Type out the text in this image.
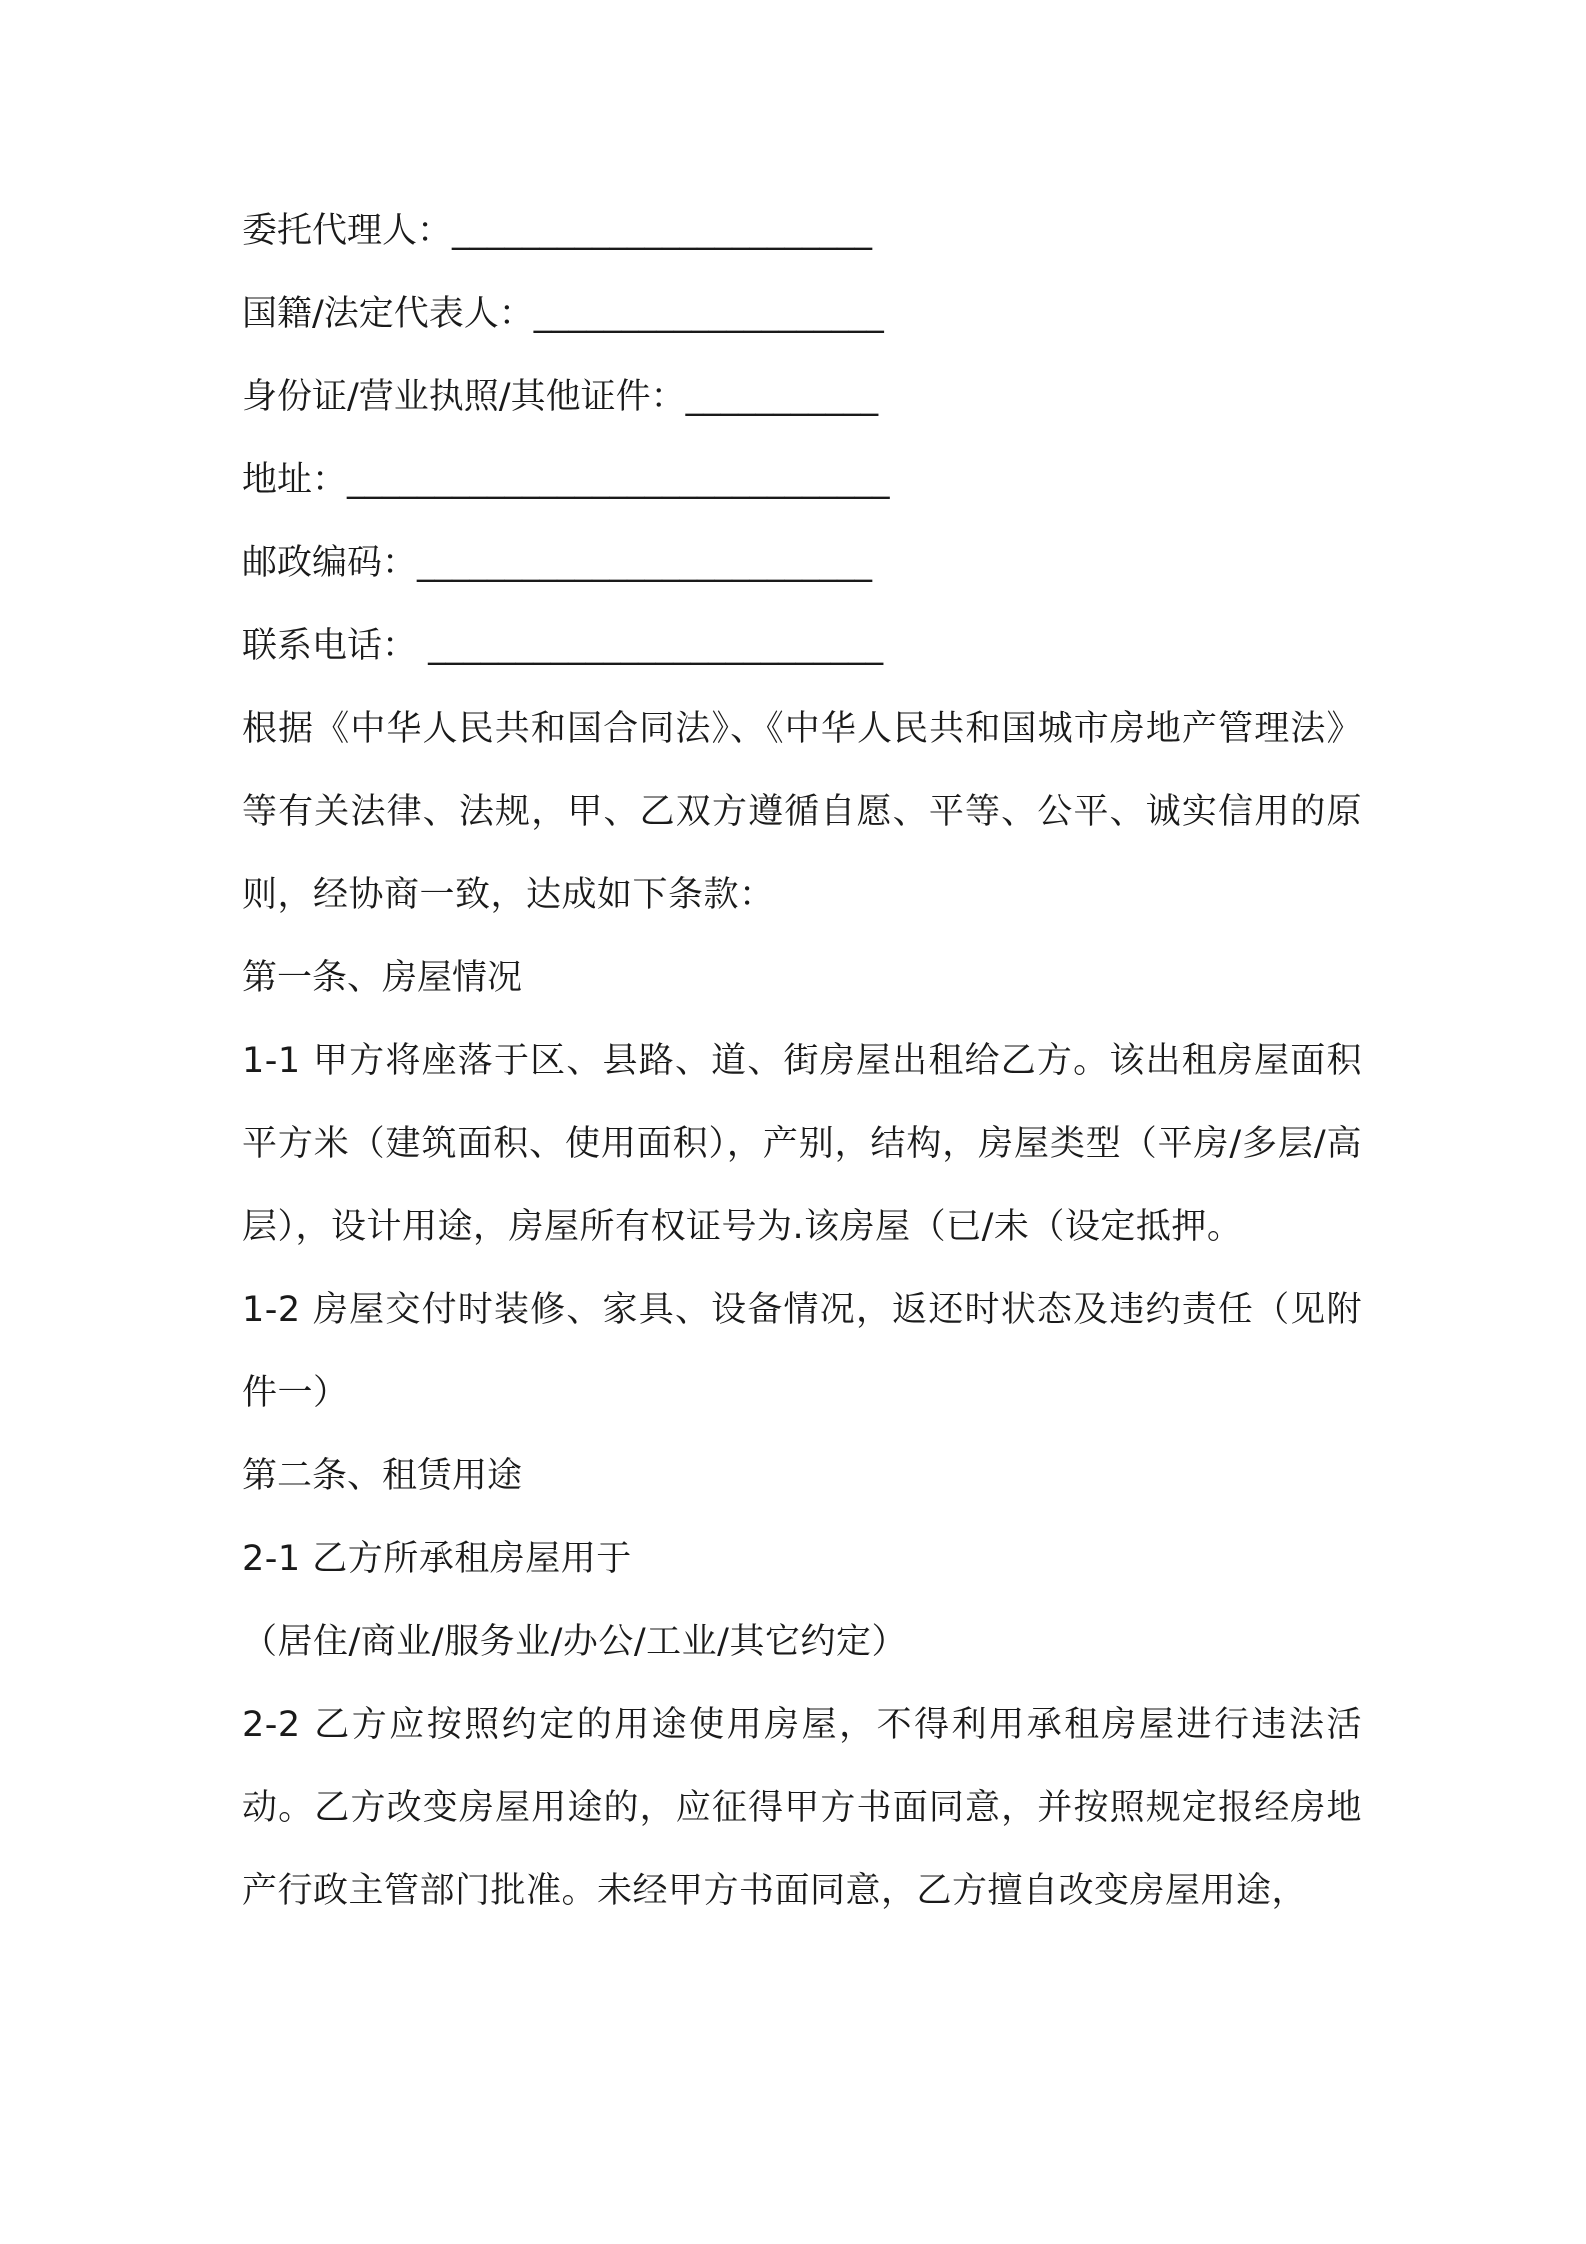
委托代理人：________________________

国籍/法定代表人：____________________

身份证/营业执照/其他证件：___________

地址：_______________________________

邮政编码：__________________________

联系电话： __________________________

根据《中华人民共和国合同法》、《中华人民共和国城市房地产管理法》等有关法律、法规，甲、乙双方遵循自愿、平等、公平、诚实信用的原则，经协商一致，达成如下条款：

第一条、房屋情况

1-1 甲方将座落于区、县路、道、街房屋出租给乙方。该出租房屋面积平方米（建筑面积、使用面积），产别，结构，房屋类型（平房/多层/高层），设计用途，房屋所有权证号为.该房屋（已/未（设定抵押。

1-2 房屋交付时装修、家具、设备情况，返还时状态及违约责任（见附件一）

第二条、租赁用途

2-1 乙方所承租房屋用于

（居住/商业/服务业/办公/工业/其它约定）

2-2 乙方应按照约定的用途使用房屋，不得利用承租房屋进行违法活动。乙方改变房屋用途的，应征得甲方书面同意，并按照规定报经房地产行政主管部门批准。未经甲方书面同意，乙方擅自改变房屋用途，
